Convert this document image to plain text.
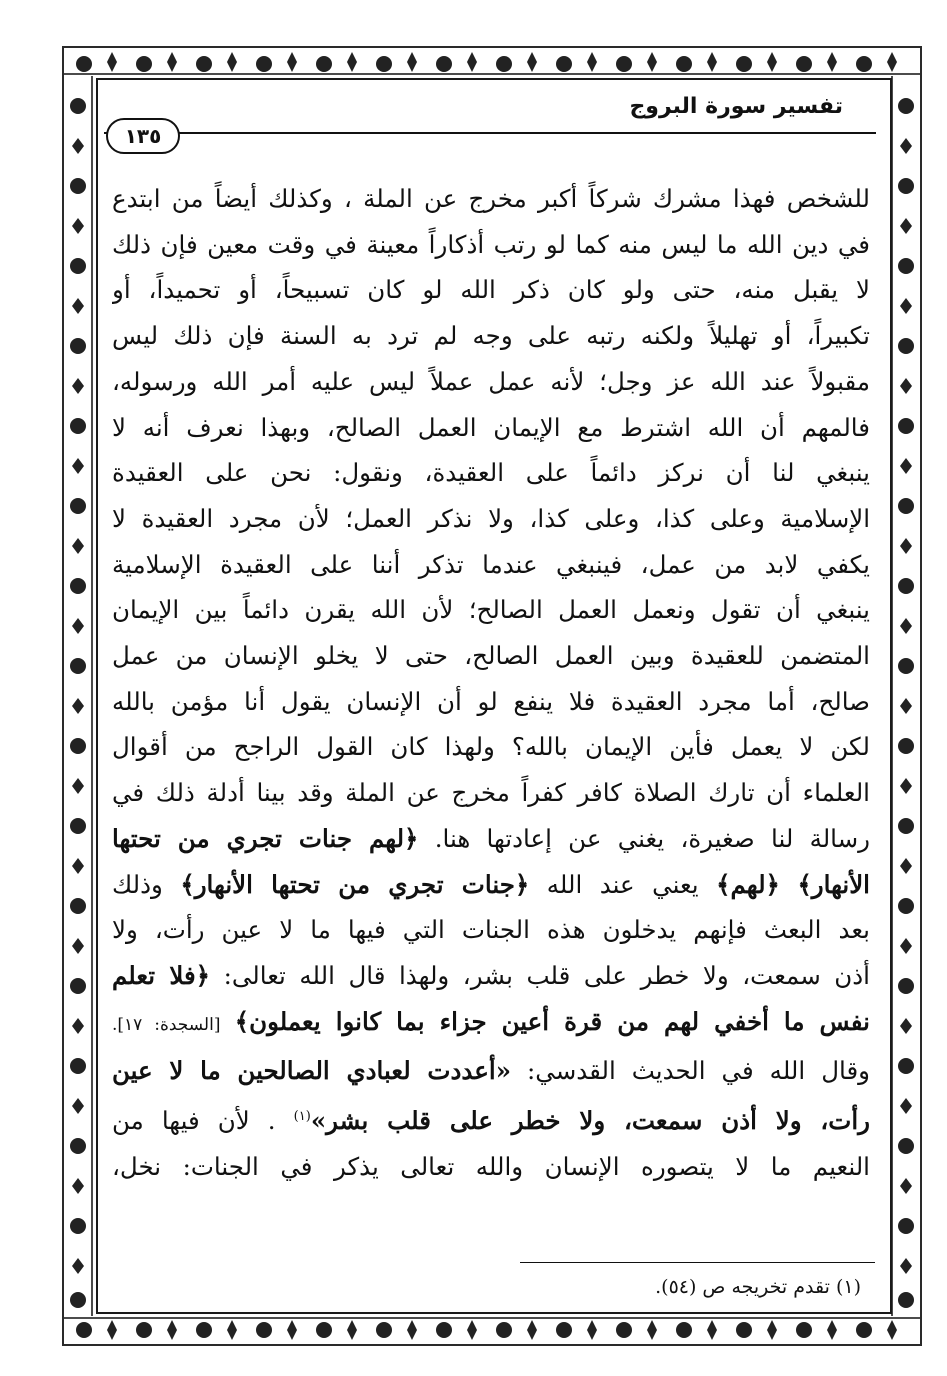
تفسير سورة البروج
١٣٥
للشخص فهذا مشرك شركاً أكبر مخرج عن الملة ، وكذلك أيضاً من ابتدع
في دين الله ما ليس منه كما لو رتب أذكاراً معينة في وقت معين فإن ذلك
لا يقبل منه، حتى ولو كان ذكر الله لو كان تسبيحاً، أو تحميداً، أو
تكبيراً، أو تهليلاً ولكنه رتبه على وجه لم ترد به السنة فإن ذلك ليس
مقبولاً عند الله عز وجل؛ لأنه عمل عملاً ليس عليه أمر الله ورسوله،
فالمهم أن الله اشترط مع الإيمان العمل الصالح، وبهذا نعرف أنه لا
ينبغي لنا أن نركز دائماً على العقيدة، ونقول: نحن على العقيدة
الإسلامية وعلى كذا، وعلى كذا، ولا نذكر العمل؛ لأن مجرد العقيدة لا
يكفي لابد من عمل، فينبغي عندما تذكر أننا على العقيدة الإسلامية
ينبغي أن تقول ونعمل العمل الصالح؛ لأن الله يقرن دائماً بين الإيمان
المتضمن للعقيدة وبين العمل الصالح، حتى لا يخلو الإنسان من عمل
صالح، أما مجرد العقيدة فلا ينفع لو أن الإنسان يقول أنا مؤمن بالله
لكن لا يعمل فأين الإيمان بالله؟ ولهذا كان القول الراجح من أقوال
العلماء أن تارك الصلاة كافر كفراً مخرج عن الملة وقد بينا أدلة ذلك في
رسالة لنا صغيرة، يغني عن إعادتها هنا. ﴿لهم جنات تجري من تحتها
الأنهار﴾ ﴿لهم﴾ يعني عند الله ﴿جنات تجري من تحتها الأنهار﴾ وذلك
بعد البعث فإنهم يدخلون هذه الجنات التي فيها ما لا عين رأت، ولا
أذن سمعت، ولا خطر على قلب بشر، ولهذا قال الله تعالى: ﴿فلا تعلم
نفس ما أخفي لهم من قرة أعين جزاء بما كانوا يعملون﴾ [السجدة: ١٧].
وقال الله في الحديث القدسي: «أعددت لعبادي الصالحين ما لا عين
رأت، ولا أذن سمعت، ولا خطر على قلب بشر»$^{(١)}$ . لأن فيها من
النعيم ما لا يتصوره الإنسان والله تعالى يذكر في الجنات: نخل،
(١) تقدم تخريجه ص (٥٤).
